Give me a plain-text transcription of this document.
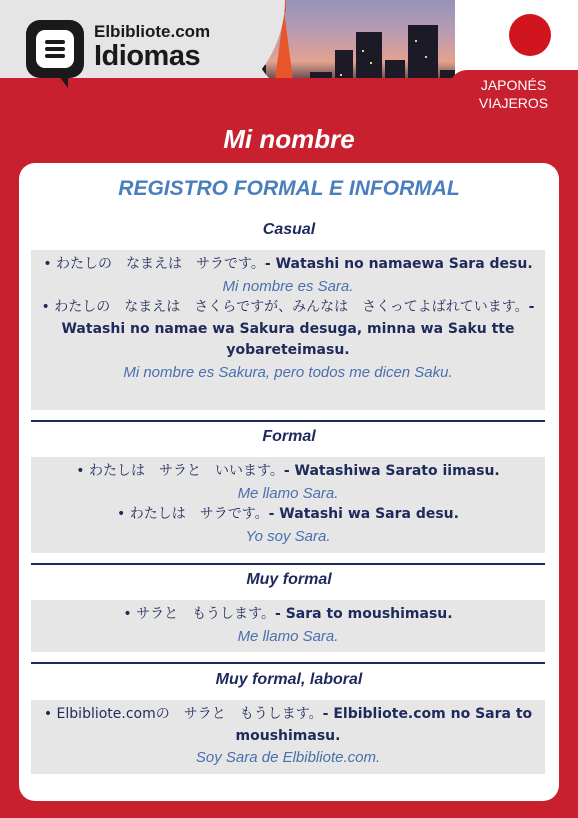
JAPONÉS
VIAJEROS
Elbibliote.com
Idiomas
Mi nombre
REGISTRO FORMAL E INFORMAL
Casual
• わたしの　なまえは　サラです。- Watashi no namaewa Sara desu.
Mi nombre es Sara.
• わたしの　なまえは　さくらですが、みんなは　さくってよばれています。- Watashi no namae wa Sakura desuga, minna wa Saku tte yobareteimasu.
Mi nombre es Sakura, pero todos me dicen Saku.
Formal
• わたしは　サラと　いいます。- Watashiwa Sarato iimasu.
Me llamo Sara.
• わたしは　サラです。- Watashi wa Sara desu.
Yo soy Sara.
Muy formal
• サラと　もうします。- Sara to moushimasu.
Me llamo Sara.
Muy formal, laboral
• Elbibliote.comの　サラと　もうします。- Elbibliote.com no Sara to moushimasu.
Soy Sara de Elbibliote.com.
